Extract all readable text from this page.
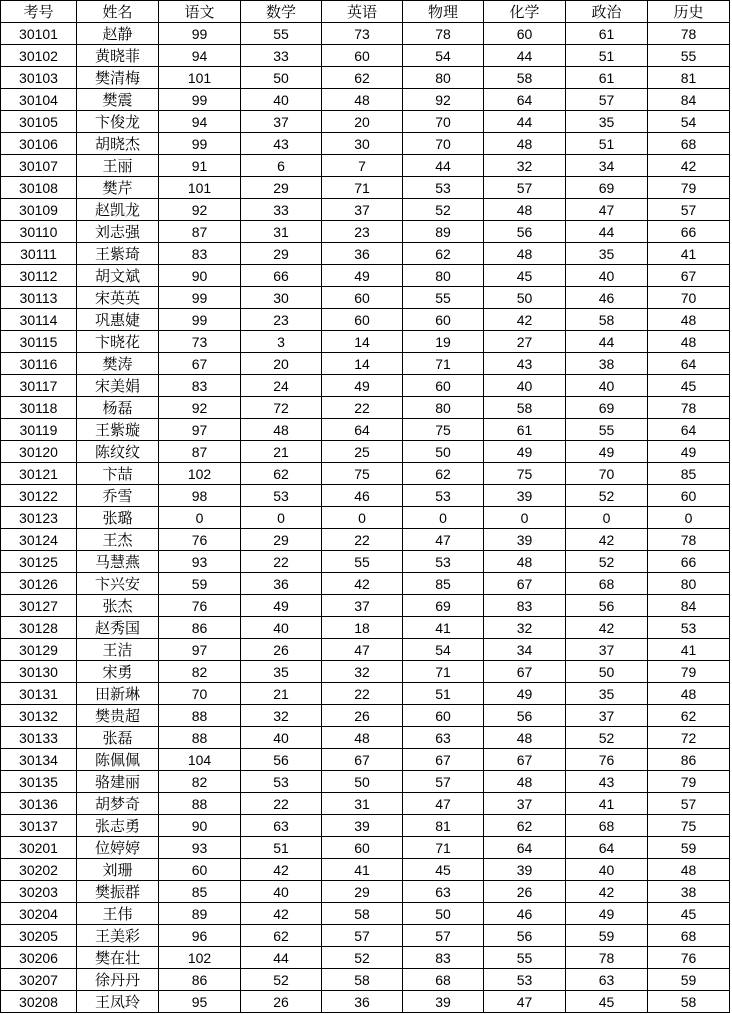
考号	姓名	语文	数学	英语	物理	化学	政治	历史
30101	赵静	99	55	73	78	60	61	78
30102	黄晓菲	94	33	60	54	44	51	55
30103	樊清梅	101	50	62	80	58	61	81
30104	樊震	99	40	48	92	64	57	84
30105	卞俊龙	94	37	20	70	44	35	54
30106	胡晓杰	99	43	30	70	48	51	68
30107	王丽	91	6	7	44	32	34	42
30108	樊芹	101	29	71	53	57	69	79
30109	赵凯龙	92	33	37	52	48	47	57
30110	刘志强	87	31	23	89	56	44	66
30111	王紫琦	83	29	36	62	48	35	41
30112	胡文斌	90	66	49	80	45	40	67
30113	宋英英	99	30	60	55	50	46	70
30114	巩惠婕	99	23	60	60	42	58	48
30115	卞晓花	73	3	14	19	27	44	48
30116	樊涛	67	20	14	71	43	38	64
30117	宋美娟	83	24	49	60	40	40	45
30118	杨磊	92	72	22	80	58	69	78
30119	王紫璇	97	48	64	75	61	55	64
30120	陈纹纹	87	21	25	50	49	49	49
30121	卞喆	102	62	75	62	75	70	85
30122	乔雪	98	53	46	53	39	52	60
30123	张璐	0	0	0	0	0	0	0
30124	王杰	76	29	22	47	39	42	78
30125	马慧燕	93	22	55	53	48	52	66
30126	卞兴安	59	36	42	85	67	68	80
30127	张杰	76	49	37	69	83	56	84
30128	赵秀国	86	40	18	41	32	42	53
30129	王洁	97	26	47	54	34	37	41
30130	宋勇	82	35	32	71	67	50	79
30131	田新琳	70	21	22	51	49	35	48
30132	樊贵超	88	32	26	60	56	37	62
30133	张磊	88	40	48	63	48	52	72
30134	陈佩佩	104	56	67	67	67	76	86
30135	骆建丽	82	53	50	57	48	43	79
30136	胡梦奇	88	22	31	47	37	41	57
30137	张志勇	90	63	39	81	62	68	75
30201	位婷婷	93	51	60	71	64	64	59
30202	刘珊	60	42	41	45	39	40	48
30203	樊振群	85	40	29	63	26	42	38
30204	王伟	89	42	58	50	46	49	45
30205	王美彩	96	62	57	57	56	59	68
30206	樊在壮	102	44	52	83	55	78	76
30207	徐丹丹	86	52	58	68	53	63	59
30208	王凤玲	95	26	36	39	47	45	58
